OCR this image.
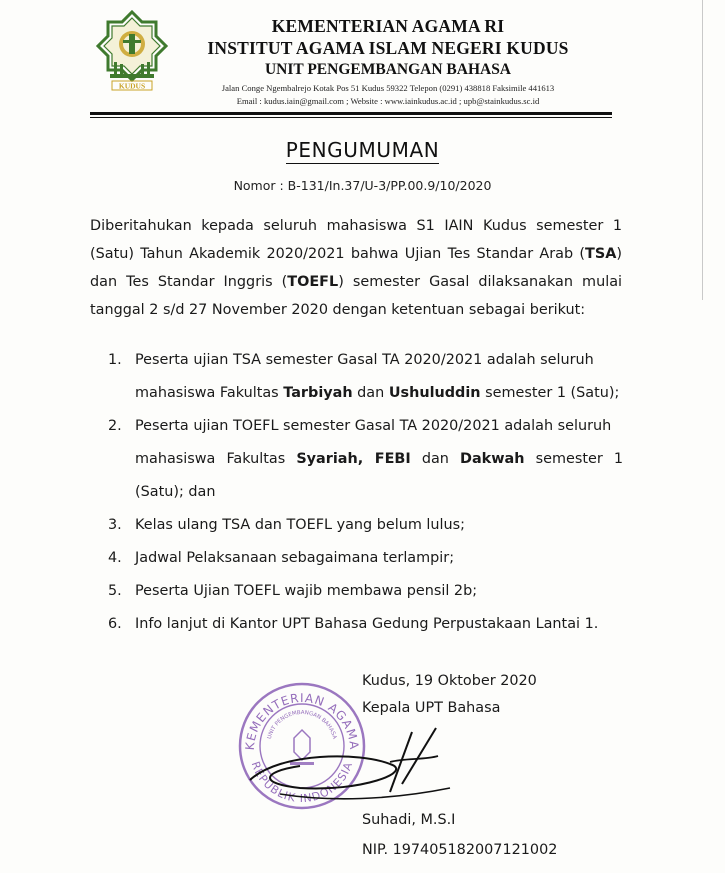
KUDUS
KEMENTERIAN AGAMA RI
INSTITUT AGAMA ISLAM NEGERI KUDUS
UNIT PENGEMBANGAN BAHASA
Jalan Conge Ngembalrejo Kotak Pos 51 Kudus 59322 Telepon (0291) 438818 Faksimile 441613
Email : kudus.iain@gmail.com ; Website : www.iainkudus.ac.id ; upb@stainkudus.sc.id
PENGUMUMAN
Nomor : B-131/In.37/U-3/PP.00.9/10/2020
Diberitahukan kepada seluruh mahasiswa S1 IAIN Kudus semester 1 (Satu) Tahun Akademik 2020/2021 bahwa Ujian Tes Standar Arab (TSA) dan Tes Standar Inggris (TOEFL) semester Gasal dilaksanakan mulai tanggal 2 s/d 27 November 2020 dengan ketentuan sebagai berikut:
1. Peserta ujian TSA semester Gasal TA 2020/2021 adalah seluruh
mahasiswa Fakultas Tarbiyah dan Ushuluddin semester 1 (Satu);
2. Peserta ujian TOEFL semester Gasal TA 2020/2021 adalah seluruh
mahasiswa Fakultas Syariah, FEBI dan Dakwah semester 1 (Satu); dan
3. Kelas ulang TSA dan TOEFL yang belum lulus;
4. Jadwal Pelaksanaan sebagaimana terlampir;
5. Peserta Ujian TOEFL wajib membawa pensil 2b;
6. Info lanjut di Kantor UPT Bahasa Gedung Perpustakaan Lantai 1.
Kudus, 19 Oktober 2020
Kepala UPT Bahasa
KEMENTERIAN AGAMA
REPUBLIK INDONESIA
UNIT PENGEMBANGAN BAHASA
Suhadi, M.S.I
NIP. 197405182007121002
